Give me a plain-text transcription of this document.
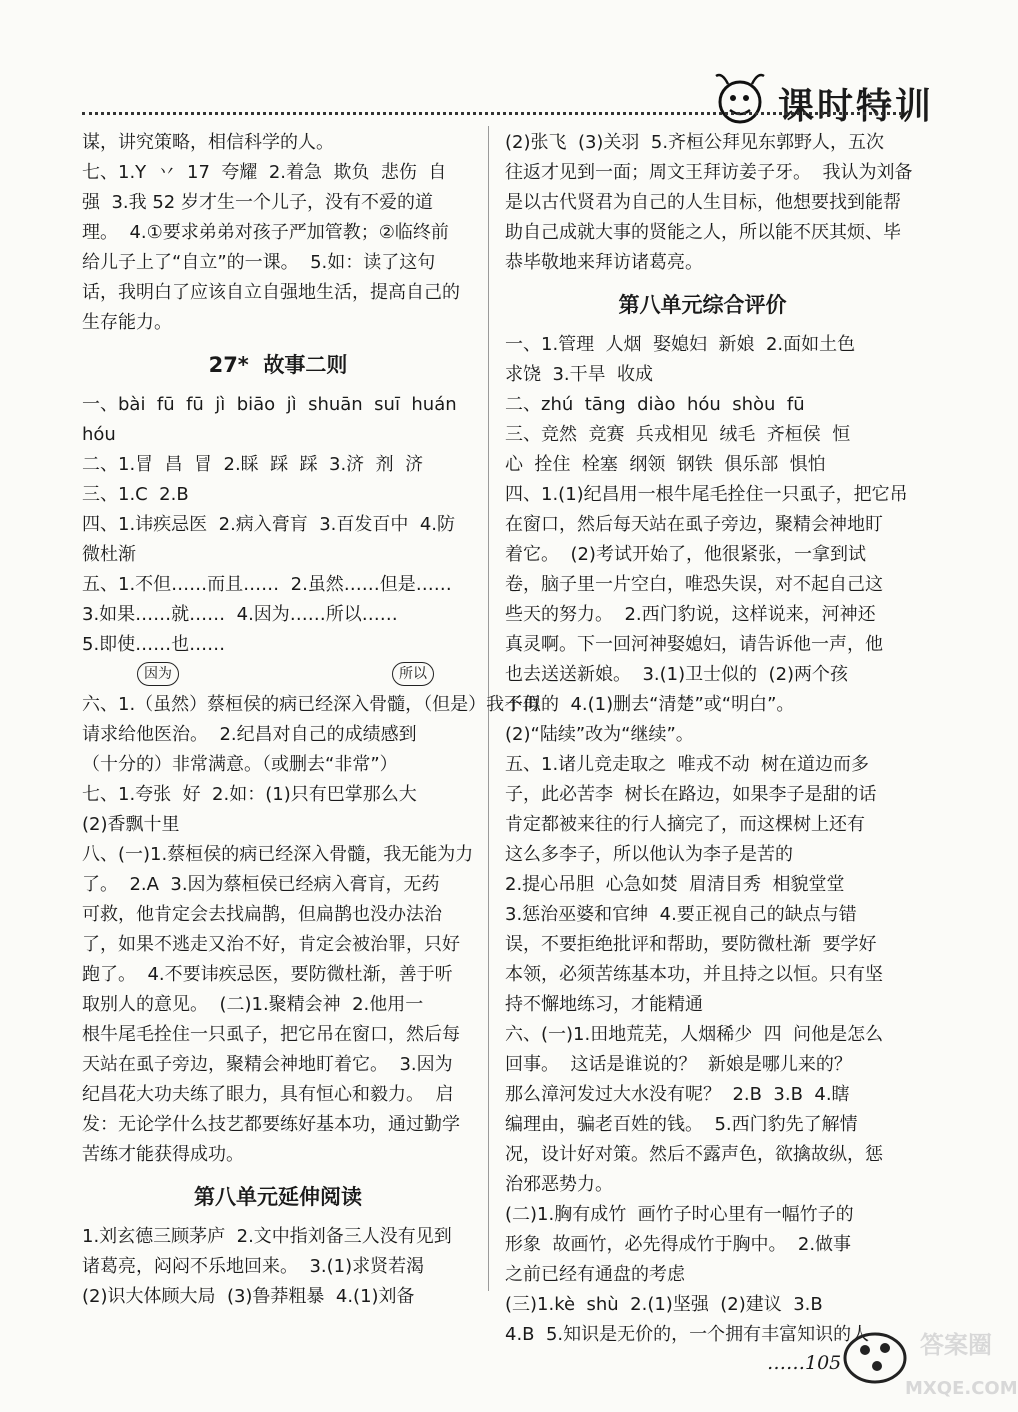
课时特训

谋，讲究策略，相信科学的人。

七、1.Y  丷  17  夸耀  2.着急  欺负  悲伤  自

强  3.我 52 岁才生一个儿子，没有不爱的道

理。  4.①要求弟弟对孩子严加管教；②临终前

给儿子上了“自立”的一课。  5.如：读了这句

话，我明白了应该自立自强地生活，提高自己的

生存能力。

27*  故事二则

一、bài  fū  fū  jì  biāo  jì  shuān  suī  huán

hóu

二、1.冒  昌  冒  2.睬  踩  踩  3.济  剂  济

三、1.C  2.B

四、1.讳疾忌医  2.病入膏肓  3.百发百中  4.防

微杜渐

五、1.不但……而且……  2.虽然……但是……

3.如果……就……  4.因为……所以……

5.即使……也……

因为	所以

六、1.（虽然）蔡桓侯的病已经深入骨髓，（但是）我不再

请求给他医治。  2.纪昌对自己的成绩感到

（十分的）非常满意。（或删去“非常”）

七、1.夸张  好  2.如：(1)只有巴掌那么大

(2)香飘十里

八、(一)1.蔡桓侯的病已经深入骨髓，我无能为力

了。  2.A  3.因为蔡桓侯已经病入膏肓，无药

可救，他肯定会去找扁鹊，但扁鹊也没办法治

了，如果不逃走又治不好，肯定会被治罪，只好

跑了。  4.不要讳疾忌医，要防微杜渐，善于听

取别人的意见。  (二)1.聚精会神  2.他用一

根牛尾毛拴住一只虱子，把它吊在窗口，然后每

天站在虱子旁边，聚精会神地盯着它。  3.因为

纪昌花大功夫练了眼力，具有恒心和毅力。  启

发：无论学什么技艺都要练好基本功，通过勤学

苦练才能获得成功。

第八单元延伸阅读

1.刘玄德三顾茅庐  2.文中指刘备三人没有见到

诸葛亮，闷闷不乐地回来。  3.(1)求贤若渴

(2)识大体顾大局  (3)鲁莽粗暴  4.(1)刘备

(2)张飞  (3)关羽  5.齐桓公拜见东郭野人，五次

往返才见到一面；周文王拜访姜子牙。  我认为刘备

是以古代贤君为自己的人生目标，他想要找到能帮

助自己成就大事的贤能之人，所以能不厌其烦、毕

恭毕敬地来拜访诸葛亮。

第八单元综合评价

一、1.管理  人烟  娶媳妇  新娘  2.面如土色

求饶  3.干旱  收成

二、zhú  tāng  diào  hóu  shòu  fū

三、竞然  竞赛  兵戎相见  绒毛  齐桓侯  恒

心  拴住  栓塞  纲领  钢铁  俱乐部  惧怕

四、1.(1)纪昌用一根牛尾毛拴住一只虱子，把它吊

在窗口，然后每天站在虱子旁边，聚精会神地盯

着它。  (2)考试开始了，他很紧张，一拿到试

卷，脑子里一片空白，唯恐失误，对不起自己这

些天的努力。  2.西门豹说，这样说来，河神还

真灵啊。下一回河神娶媳妇，请告诉他一声，他

也去送送新娘。  3.(1)卫士似的  (2)两个孩

子似的  4.(1)删去“清楚”或“明白”。

(2)“陆续”改为“继续”。

五、1.诸儿竞走取之  唯戎不动  树在道边而多

子，此必苦李  树长在路边，如果李子是甜的话

肯定都被来往的行人摘完了，而这棵树上还有

这么多李子，所以他认为李子是苦的

2.提心吊胆  心急如焚  眉清目秀  相貌堂堂

3.惩治巫婆和官绅  4.要正视自己的缺点与错

误，不要拒绝批评和帮助，要防微杜渐  要学好

本领，必须苦练基本功，并且持之以恒。只有坚

持不懈地练习，才能精通

六、(一)1.田地荒芜，人烟稀少  四  问他是怎么

回事。  这话是谁说的？  新娘是哪儿来的？

那么漳河发过大水没有呢？  2.B  3.B  4.瞎

编理由，骗老百姓的钱。  5.西门豹先了解情

况，设计好对策。然后不露声色，欲擒故纵，惩

治邪恶势力。

(二)1.胸有成竹  画竹子时心里有一幅竹子的

形象  故画竹，必先得成竹于胸中。  2.做事

之前已经有通盘的考虑

(三)1.kè  shù  2.(1)坚强  (2)建议  3.B

4.B  5.知识是无价的，一个拥有丰富知识的人

……105
答案圈
MXQE.COM
